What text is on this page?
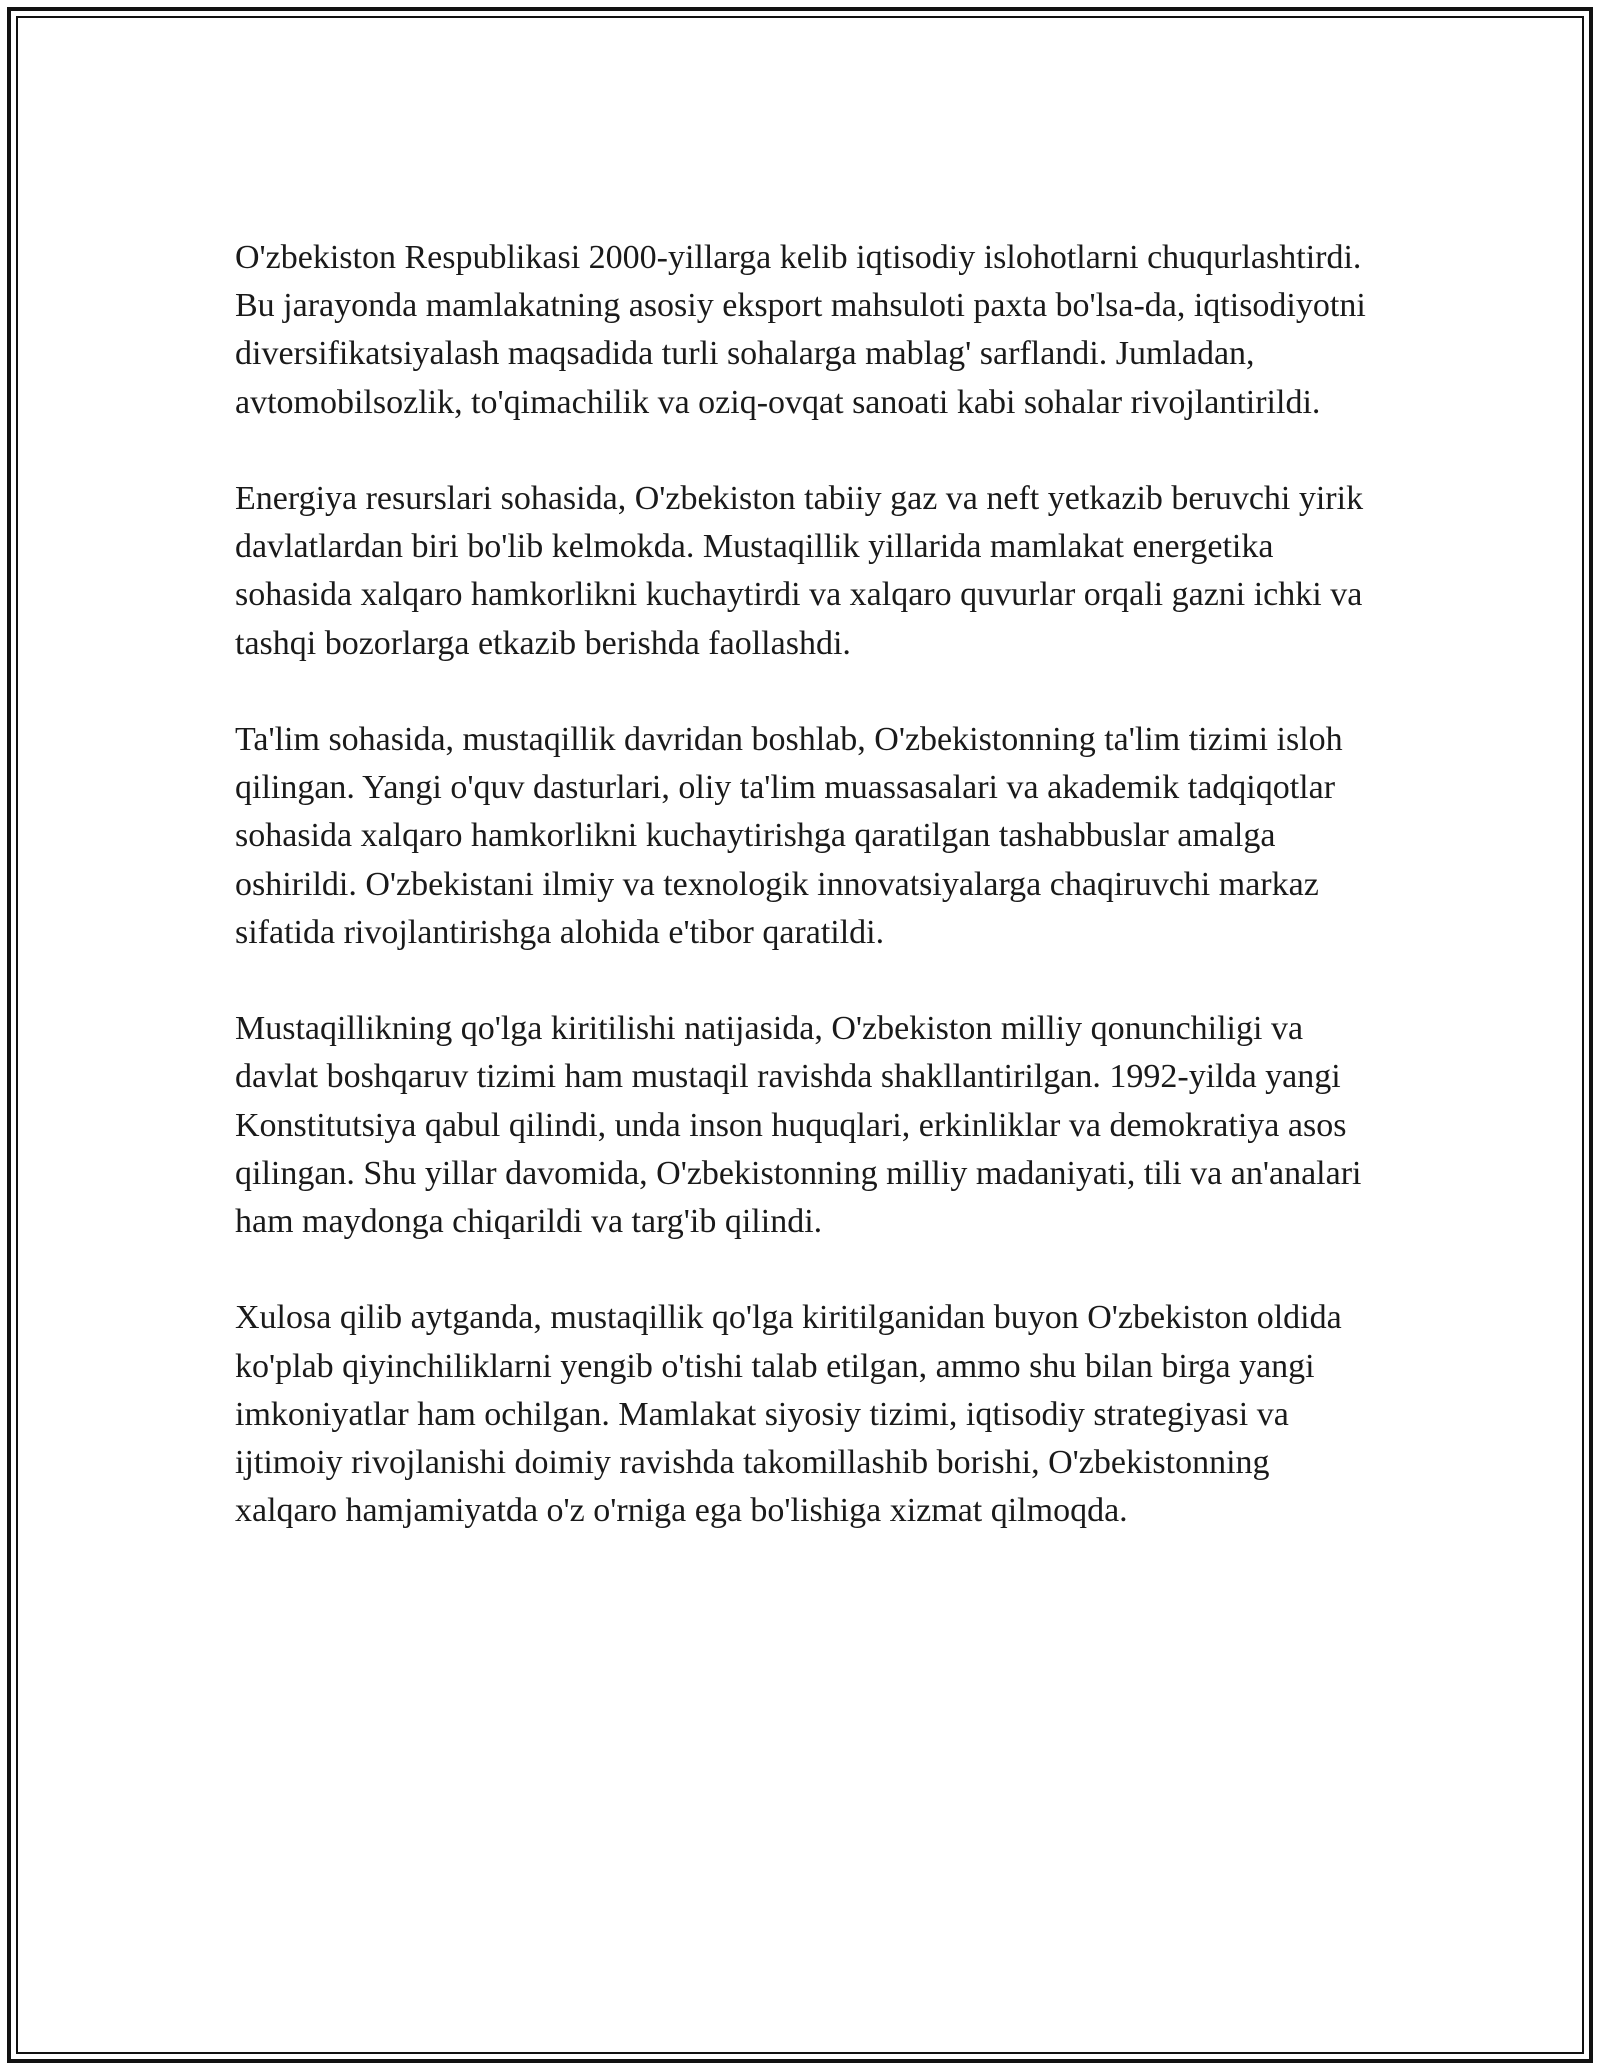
O'zbekiston Respublikasi 2000-yillarga kelib iqtisodiy islohotlarni chuqurlashtirdi. Bu jarayonda mamlakatning asosiy eksport mahsuloti paxta bo'lsa-da, iqtisodiyotni diversifikatsiyalash maqsadida turli sohalarga mablag' sarflandi. Jumladan, avtomobilsozlik, to'qimachilik va oziq-ovqat sanoati kabi sohalar rivojlantirildi.

Energiya resurslari sohasida, O'zbekiston tabiiy gaz va neft yetkazib beruvchi yirik davlatlardan biri bo'lib kelmokda. Mustaqillik yillarida mamlakat energetika sohasida xalqaro hamkorlikni kuchaytirdi va xalqaro quvurlar orqali gazni ichki va tashqi bozorlarga etkazib berishda faollashdi.

Ta'lim sohasida, mustaqillik davridan boshlab, O'zbekistonning ta'lim tizimi isloh qilingan. Yangi o'quv dasturlari, oliy ta'lim muassasalari va akademik tadqiqotlar sohasida xalqaro hamkorlikni kuchaytirishga qaratilgan tashabbuslar amalga oshirildi. O'zbekistani ilmiy va texnologik innovatsiyalarga chaqiruvchi markaz sifatida rivojlantirishga alohida e'tibor qaratildi.

Mustaqillikning qo'lga kiritilishi natijasida, O'zbekiston milliy qonunchiligi va davlat boshqaruv tizimi ham mustaqil ravishda shakllantirilgan. 1992-yilda yangi Konstitutsiya qabul qilindi, unda inson huquqlari, erkinliklar va demokratiya asos qilingan. Shu yillar davomida, O'zbekistonning milliy madaniyati, tili va an'analari ham maydonga chiqarildi va targ'ib qilindi.

Xulosa qilib aytganda, mustaqillik qo'lga kiritilganidan buyon O'zbekiston oldida ko'plab qiyinchiliklarni yengib o'tishi talab etilgan, ammo shu bilan birga yangi imkoniyatlar ham ochilgan. Mamlakat siyosiy tizimi, iqtisodiy strategiyasi va ijtimoiy rivojlanishi doimiy ravishda takomillashib borishi, O'zbekistonning xalqaro hamjamiyatda o'z o'rniga ega bo'lishiga xizmat qilmoqda.
